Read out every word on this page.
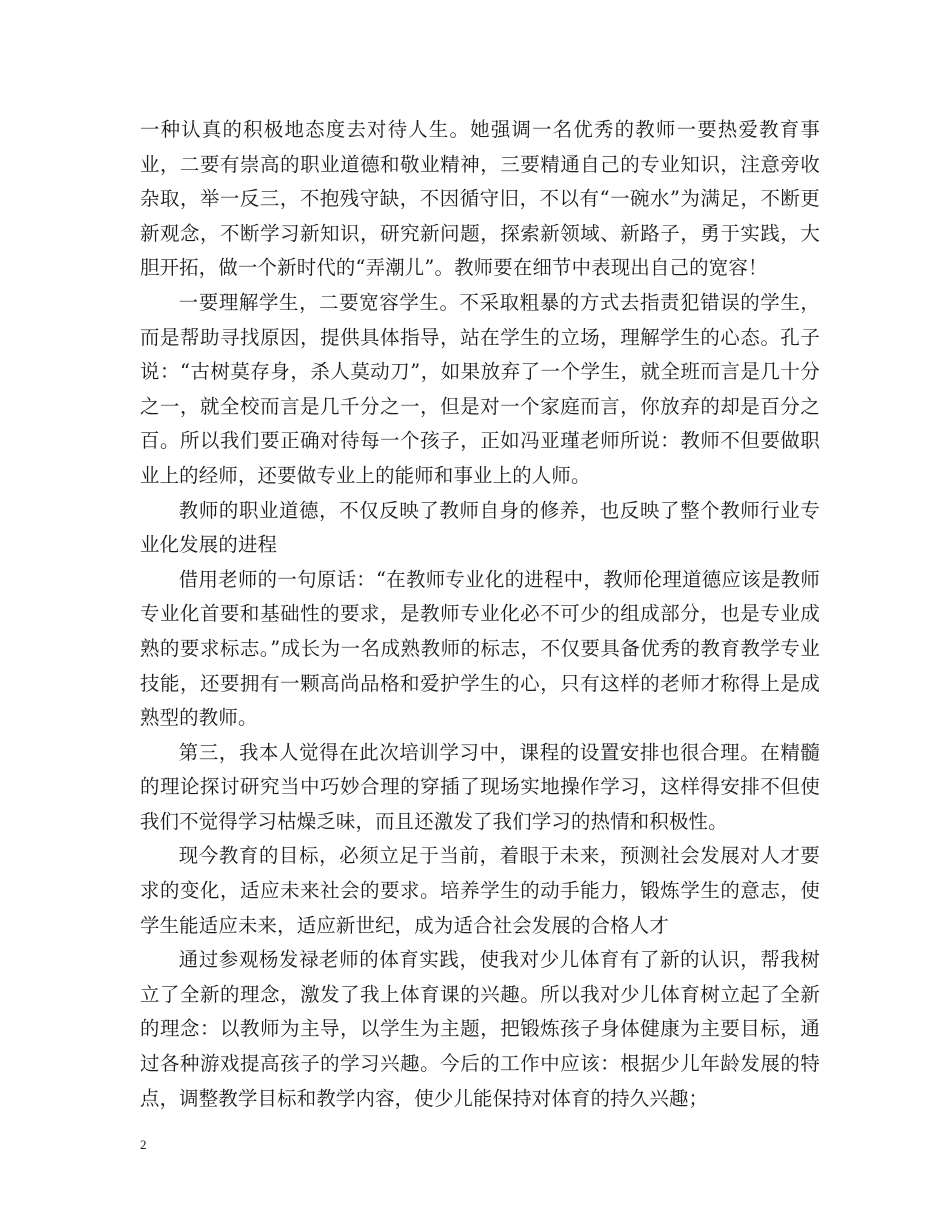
一种认真的积极地态度去对待人生。她强调一名优秀的教师一要热爱教育事业，二要有崇高的职业道德和敬业精神，三要精通自己的专业知识，注意旁收杂取，举一反三，不抱残守缺，不因循守旧，不以有“一碗水”为满足，不断更新观念，不断学习新知识，研究新问题，探索新领域、新路子，勇于实践，大胆开拓，做一个新时代的“弄潮儿”。教师要在细节中表现出自己的宽容！

一要理解学生，二要宽容学生。不采取粗暴的方式去指责犯错误的学生，而是帮助寻找原因，提供具体指导，站在学生的立场，理解学生的心态。孔子说：“古树莫存身，杀人莫动刀”，如果放弃了一个学生，就全班而言是几十分之一，就全校而言是几千分之一，但是对一个家庭而言，你放弃的却是百分之百。所以我们要正确对待每一个孩子，正如冯亚瑾老师所说：教师不但要做职业上的经师，还要做专业上的能师和事业上的人师。

教师的职业道德，不仅反映了教师自身的修养，也反映了整个教师行业专业化发展的进程

借用老师的一句原话：“在教师专业化的进程中，教师伦理道德应该是教师专业化首要和基础性的要求，是教师专业化必不可少的组成部分，也是专业成熟的要求标志。”成长为一名成熟教师的标志，不仅要具备优秀的教育教学专业技能，还要拥有一颗高尚品格和爱护学生的心，只有这样的老师才称得上是成熟型的教师。

第三，我本人觉得在此次培训学习中，课程的设置安排也很合理。在精髓的理论探讨研究当中巧妙合理的穿插了现场实地操作学习，这样得安排不但使我们不觉得学习枯燥乏味，而且还激发了我们学习的热情和积极性。

现今教育的目标，必须立足于当前，着眼于未来，预测社会发展对人才要求的变化，适应未来社会的要求。培养学生的动手能力，锻炼学生的意志，使学生能适应未来，适应新世纪，成为适合社会发展的合格人才

通过参观杨发禄老师的体育实践，使我对少儿体育有了新的认识，帮我树立了全新的理念，激发了我上体育课的兴趣。所以我对少儿体育树立起了全新的理念：以教师为主导，以学生为主题，把锻炼孩子身体健康为主要目标，通过各种游戏提高孩子的学习兴趣。今后的工作中应该：根据少儿年龄发展的特点，调整教学目标和教学内容，使少儿能保持对体育的持久兴趣；

2
